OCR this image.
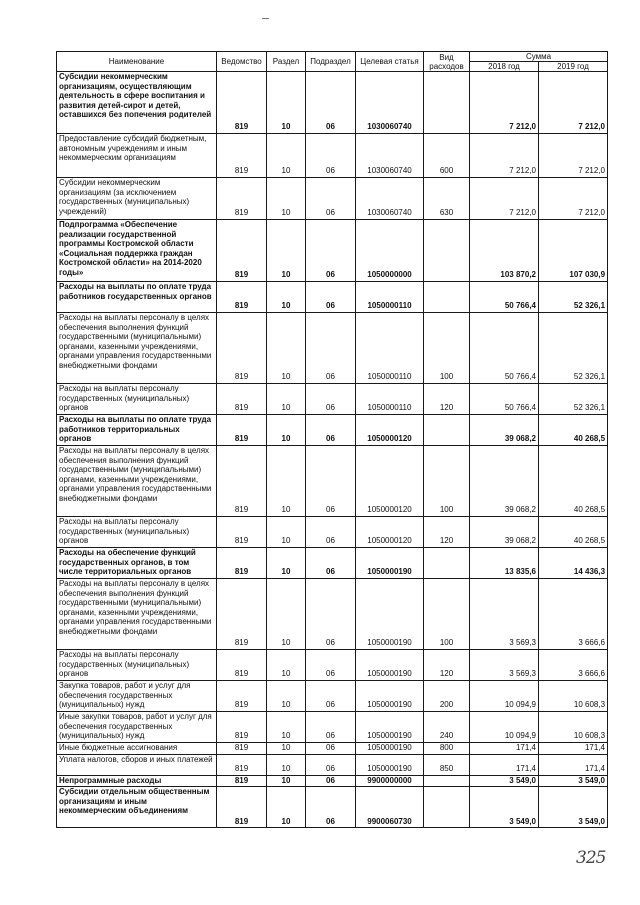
Наименование	Ведомство	Раздел	Подраздел	Целевая статья	Вид расходов	Сумма	
						2018 год	2019 год
Субсидии некоммерческим организациям, осуществляющим деятельность в сфере воспитания и развития детей-сирот и детей, оставшихся без попечения родителей	819	10	06	1030060740		7 212,0	7 212,0
Предоставление субсидий бюджетным, автономным учреждениям и иным некоммерческим организациям	819	10	06	1030060740	600	7 212,0	7 212,0
Субсидии некоммерческим организациям (за исключением государственных (муниципальных) учреждений)	819	10	06	1030060740	630	7 212,0	7 212,0
Подпрограмма «Обеспечение реализации государственной программы Костромской области «Социальная поддержка граждан Костромской области» на 2014-2020 годы»	819	10	06	1050000000		103 870,2	107 030,9
Расходы на выплаты по оплате труда работников государственных органов	819	10	06	1050000110		50 766,4	52 326,1
Расходы на выплаты персоналу в целях обеспечения выполнения функций государственными (муниципальными) органами, казенными учреждениями, органами управления государственными внебюджетными фондами	819	10	06	1050000110	100	50 766,4	52 326,1
Расходы на выплаты персоналу государственных (муниципальных) органов	819	10	06	1050000110	120	50 766,4	52 326,1
Расходы на выплаты по оплате труда работников территориальных органов	819	10	06	1050000120		39 068,2	40 268,5
Расходы на выплаты персоналу в целях обеспечения выполнения функций государственными (муниципальными) органами, казенными учреждениями, органами управления государственными внебюджетными фондами	819	10	06	1050000120	100	39 068,2	40 268,5
Расходы на выплаты персоналу государственных (муниципальных) органов	819	10	06	1050000120	120	39 068,2	40 268,5
Расходы на обеспечение функций государственных органов, в том числе территориальных органов	819	10	06	1050000190		13 835,6	14 436,3
Расходы на выплаты персоналу в целях обеспечения выполнения функций государственными (муниципальными) органами, казенными учреждениями, органами управления государственными внебюджетными фондами	819	10	06	1050000190	100	3 569,3	3 666,6
Расходы на выплаты персоналу государственных (муниципальных) органов	819	10	06	1050000190	120	3 569,3	3 666,6
Закупка товаров, работ и услуг для обеспечения государственных (муниципальных) нужд	819	10	06	1050000190	200	10 094,9	10 608,3
Иные закупки товаров, работ и услуг для обеспечения государственных (муниципальных) нужд	819	10	06	1050000190	240	10 094,9	10 608,3
Иные бюджетные ассигнования	819	10	06	1050000190	800	171,4	171,4
Уплата налогов, сборов и иных платежей	819	10	06	1050000190	850	171,4	171,4
Непрограммные расходы	819	10	06	9900000000		3 549,0	3 549,0
Субсидии отдельным общественным организациям и иным некоммерческим объединениям	819	10	06	9900060730		3 549,0	3 549,0
325
